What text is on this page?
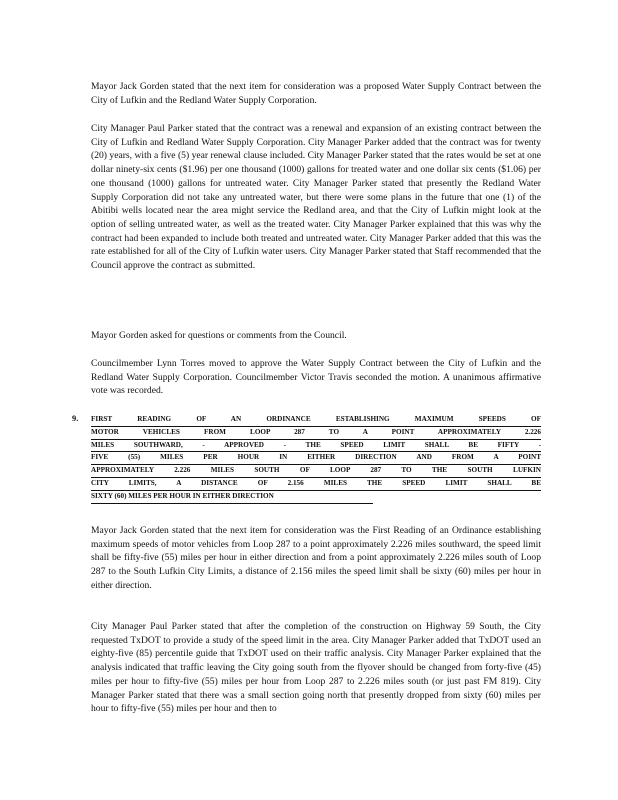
Mayor Jack Gorden stated that the next item for consideration was a proposed Water Supply Contract between the City of Lufkin and the Redland Water Supply Corporation.

City Manager Paul Parker stated that the contract was a renewal and expansion of an existing contract between the City of Lufkin and Redland Water Supply Corporation. City Manager Parker added that the contract was for twenty (20) years, with a five (5) year renewal clause included. City Manager Parker stated that the rates would be set at one dollar ninety-six cents ($1.96) per one thousand (1000) gallons for treated water and one dollar six cents ($1.06) per one thousand (1000) gallons for untreated water. City Manager Parker stated that presently the Redland Water Supply Corporation did not take any untreated water, but there were some plans in the future that one (1) of the Abitibi wells located near the area might service the Redland area, and that the City of Lufkin might look at the option of selling untreated water, as well as the treated water. City Manager Parker explained that this was why the contract had been expanded to include both treated and untreated water. City Manager Parker added that this was the rate established for all of the City of Lufkin water users. City Manager Parker stated that Staff recommended that the Council approve the contract as submitted.

Mayor Gorden asked for questions or comments from the Council.

Councilmember Lynn Torres moved to approve the Water Supply Contract between the City of Lufkin and the Redland Water Supply Corporation. Councilmember Victor Travis seconded the motion. A unanimous affirmative vote was recorded.

9. FIRST READING OF AN ORDINANCE ESTABLISHING MAXIMUM SPEEDS OF
MOTOR VEHICLES FROM LOOP 287 TO A POINT APPROXIMATELY 2.226
MILES SOUTHWARD, - APPROVED - THE SPEED LIMIT SHALL BE FIFTY -
FIVE (55) MILES PER HOUR IN EITHER DIRECTION AND FROM A POINT
APPROXIMATELY 2.226 MILES SOUTH OF LOOP 287 TO THE SOUTH LUFKIN
CITY LIMITS, A DISTANCE OF 2.156 MILES THE SPEED LIMIT SHALL BE
SIXTY (60) MILES PER HOUR IN EITHER DIRECTION

Mayor Jack Gorden stated that the next item for consideration was the First Reading of an Ordinance establishing maximum speeds of motor vehicles from Loop 287 to a point approximately 2.226 miles southward, the speed limit shall be fifty-five (55) miles per hour in either direction and from a point approximately 2.226 miles south of Loop 287 to the South Lufkin City Limits, a distance of 2.156 miles the speed limit shall be sixty (60) miles per hour in either direction.

City Manager Paul Parker stated that after the completion of the construction on Highway 59 South, the City requested TxDOT to provide a study of the speed limit in the area. City Manager Parker added that TxDOT used an eighty-five (85) percentile guide that TxDOT used on their traffic analysis. City Manager Parker explained that the analysis indicated that traffic leaving the City going south from the flyover should be changed from forty-five (45) miles per hour to fifty-five (55) miles per hour from Loop 287 to 2.226 miles south (or just past FM 819). City Manager Parker stated that there was a small section going north that presently dropped from sixty (60) miles per hour to fifty-five (55) miles per hour and then to
